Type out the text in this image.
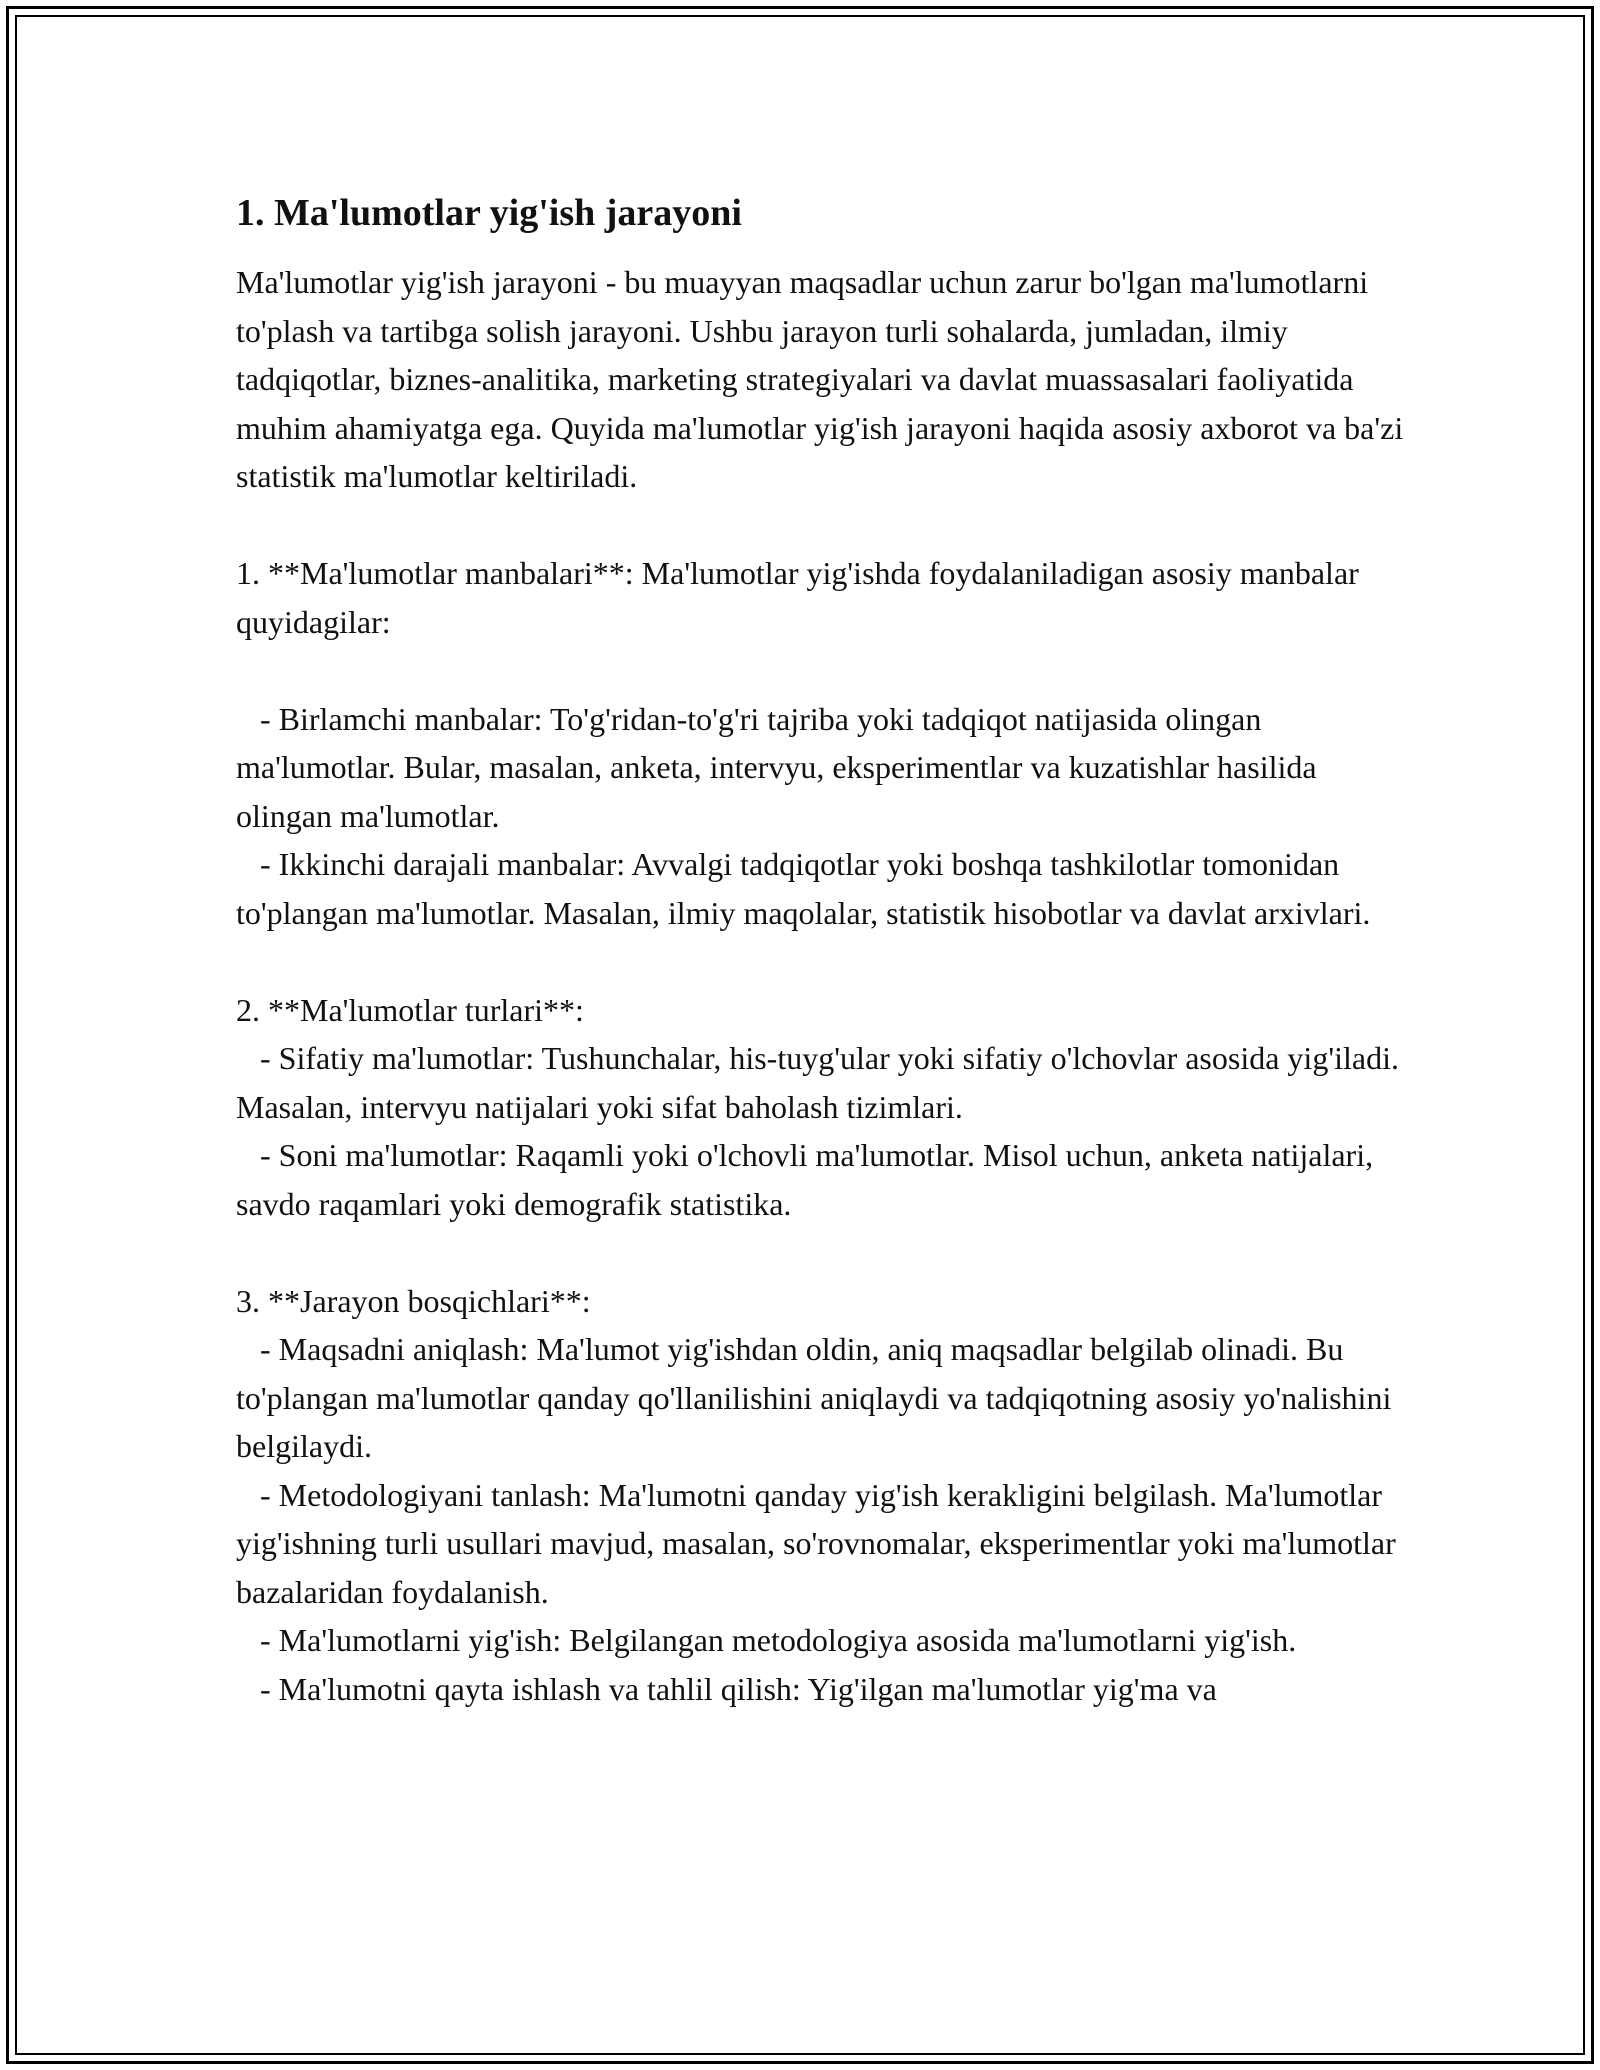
1. Ma'lumotlar yig'ish jarayoni

Ma'lumotlar yig'ish jarayoni - bu muayyan maqsadlar uchun zarur bo'lgan ma'lumotlarni to'plash va tartibga solish jarayoni. Ushbu jarayon turli sohalarda, jumladan, ilmiy tadqiqotlar, biznes-analitika, marketing strategiyalari va davlat muassasalari faoliyatida muhim ahamiyatga ega. Quyida ma'lumotlar yig'ish jarayoni haqida asosiy axborot va ba'zi statistik ma'lumotlar keltiriladi.

1. **Ma'lumotlar manbalari**: Ma'lumotlar yig'ishda foydalaniladigan asosiy manbalar quyidagilar:

- Birlamchi manbalar: To'g'ridan-to'g'ri tajriba yoki tadqiqot natijasida olingan ma'lumotlar. Bular, masalan, anketa, intervyu, eksperimentlar va kuzatishlar hasilida olingan ma'lumotlar.
- Ikkinchi darajali manbalar: Avvalgi tadqiqotlar yoki boshqa tashkilotlar tomonidan to'plangan ma'lumotlar. Masalan, ilmiy maqolalar, statistik hisobotlar va davlat arxivlari.

2. **Ma'lumotlar turlari**:
- Sifatiy ma'lumotlar: Tushunchalar, his-tuyg'ular yoki sifatiy o'lchovlar asosida yig'iladi. Masalan, intervyu natijalari yoki sifat baholash tizimlari.
- Soni ma'lumotlar: Raqamli yoki o'lchovli ma'lumotlar. Misol uchun, anketa natijalari, savdo raqamlari yoki demografik statistika.

3. **Jarayon bosqichlari**:
- Maqsadni aniqlash: Ma'lumot yig'ishdan oldin, aniq maqsadlar belgilab olinadi. Bu to'plangan ma'lumotlar qanday qo'llanilishini aniqlaydi va tadqiqotning asosiy yo'nalishini belgilaydi.
- Metodologiyani tanlash: Ma'lumotni qanday yig'ish kerakligini belgilash. Ma'lumotlar yig'ishning turli usullari mavjud, masalan, so'rovnomalar, eksperimentlar yoki ma'lumotlar bazalaridan foydalanish.
- Ma'lumotlarni yig'ish: Belgilangan metodologiya asosida ma'lumotlarni yig'ish.
- Ma'lumotni qayta ishlash va tahlil qilish: Yig'ilgan ma'lumotlar yig'ma va
